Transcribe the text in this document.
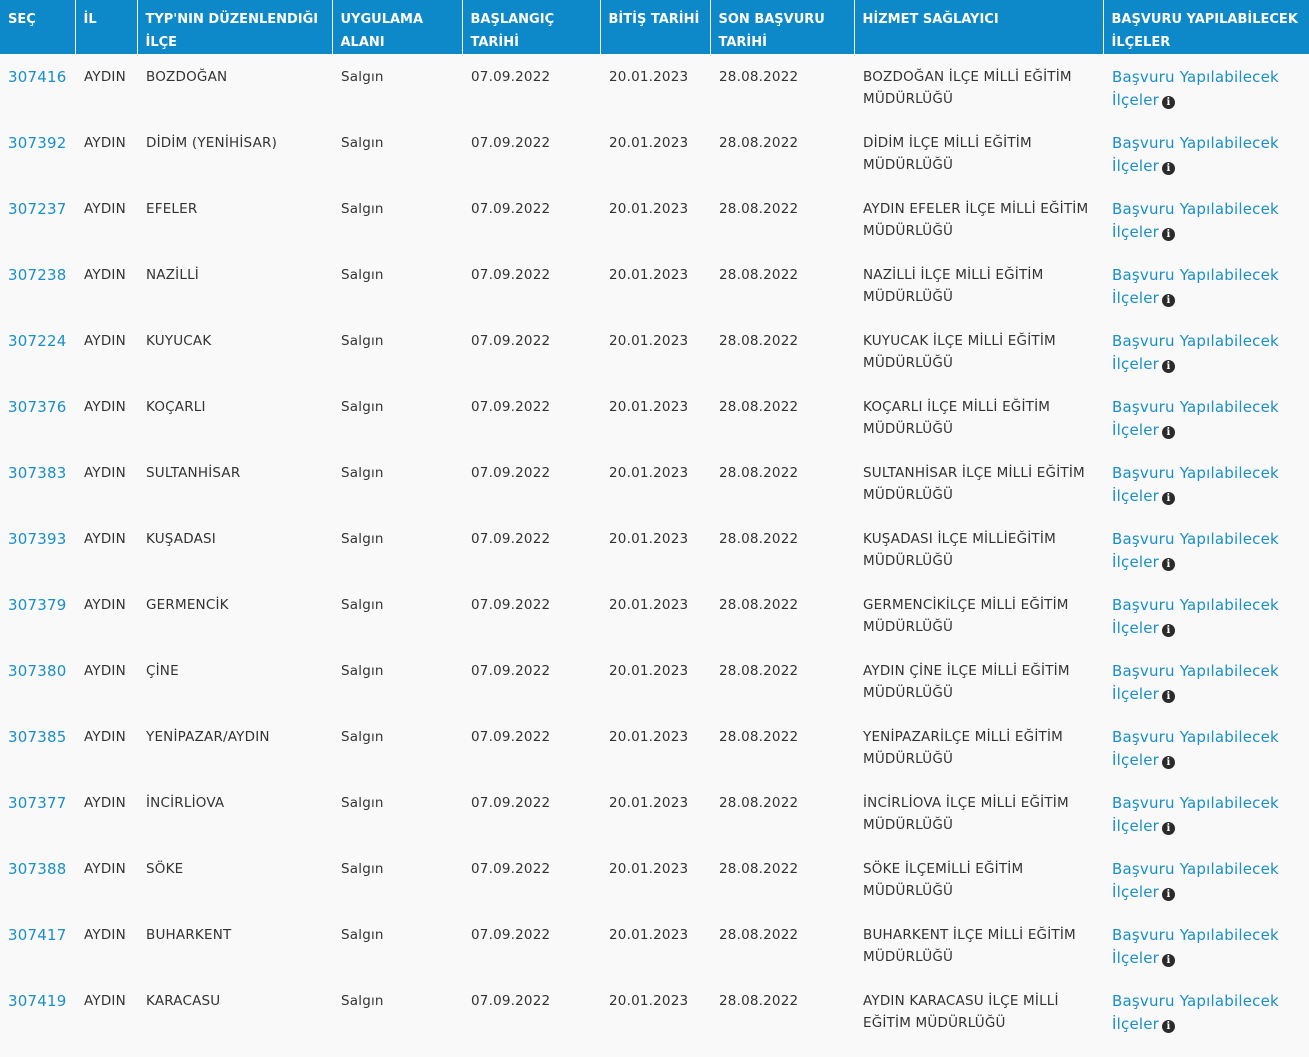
SEÇ	İL	TYP'NIN DÜZENLENDIĞI İLÇE	UYGULAMA ALANI	BAŞLANGIÇ TARİHİ	BİTİŞ TARİHİ	SON BAŞVURU TARİHİ	HİZMET SAĞLAYICI	BAŞVURU YAPILABİLECEK İLÇELER
307416	AYDIN	BOZDOĞAN	Salgın	07.09.2022	20.01.2023	28.08.2022	BOZDOĞAN İLÇE MİLLİ EĞİTİM MÜDÜRLÜĞÜ	Başvuru Yapılabilecek İlçeler i
307392	AYDIN	DİDİM (YENİHİSAR)	Salgın	07.09.2022	20.01.2023	28.08.2022	DİDİM İLÇE MİLLİ EĞİTİM MÜDÜRLÜĞÜ	Başvuru Yapılabilecek İlçeler i
307237	AYDIN	EFELER	Salgın	07.09.2022	20.01.2023	28.08.2022	AYDIN EFELER İLÇE MİLLİ EĞİTİM MÜDÜRLÜĞÜ	Başvuru Yapılabilecek İlçeler i
307238	AYDIN	NAZİLLİ	Salgın	07.09.2022	20.01.2023	28.08.2022	NAZİLLİ İLÇE MİLLİ EĞİTİM MÜDÜRLÜĞÜ	Başvuru Yapılabilecek İlçeler i
307224	AYDIN	KUYUCAK	Salgın	07.09.2022	20.01.2023	28.08.2022	KUYUCAK İLÇE MİLLİ EĞİTİM MÜDÜRLÜĞÜ	Başvuru Yapılabilecek İlçeler i
307376	AYDIN	KOÇARLI	Salgın	07.09.2022	20.01.2023	28.08.2022	KOÇARLI İLÇE MİLLİ EĞİTİM MÜDÜRLÜĞÜ	Başvuru Yapılabilecek İlçeler i
307383	AYDIN	SULTANHİSAR	Salgın	07.09.2022	20.01.2023	28.08.2022	SULTANHİSAR İLÇE MİLLİ EĞİTİM MÜDÜRLÜĞÜ	Başvuru Yapılabilecek İlçeler i
307393	AYDIN	KUŞADASI	Salgın	07.09.2022	20.01.2023	28.08.2022	KUŞADASI İLÇE MİLLİEĞİTİM MÜDÜRLÜĞÜ	Başvuru Yapılabilecek İlçeler i
307379	AYDIN	GERMENCİK	Salgın	07.09.2022	20.01.2023	28.08.2022	GERMENCİKİLÇE MİLLİ EĞİTİM MÜDÜRLÜĞÜ	Başvuru Yapılabilecek İlçeler i
307380	AYDIN	ÇİNE	Salgın	07.09.2022	20.01.2023	28.08.2022	AYDIN ÇİNE İLÇE MİLLİ EĞİTİM MÜDÜRLÜĞÜ	Başvuru Yapılabilecek İlçeler i
307385	AYDIN	YENİPAZAR/AYDIN	Salgın	07.09.2022	20.01.2023	28.08.2022	YENİPAZARİLÇE MİLLİ EĞİTİM MÜDÜRLÜĞÜ	Başvuru Yapılabilecek İlçeler i
307377	AYDIN	İNCİRLİOVA	Salgın	07.09.2022	20.01.2023	28.08.2022	İNCİRLİOVA İLÇE MİLLİ EĞİTİM MÜDÜRLÜĞÜ	Başvuru Yapılabilecek İlçeler i
307388	AYDIN	SÖKE	Salgın	07.09.2022	20.01.2023	28.08.2022	SÖKE İLÇEMİLLİ EĞİTİM MÜDÜRLÜĞÜ	Başvuru Yapılabilecek İlçeler i
307417	AYDIN	BUHARKENT	Salgın	07.09.2022	20.01.2023	28.08.2022	BUHARKENT İLÇE MİLLİ EĞİTİM MÜDÜRLÜĞÜ	Başvuru Yapılabilecek İlçeler i
307419	AYDIN	KARACASU	Salgın	07.09.2022	20.01.2023	28.08.2022	AYDIN KARACASU İLÇE MİLLİ EĞİTİM MÜDÜRLÜĞÜ	Başvuru Yapılabilecek İlçeler i
